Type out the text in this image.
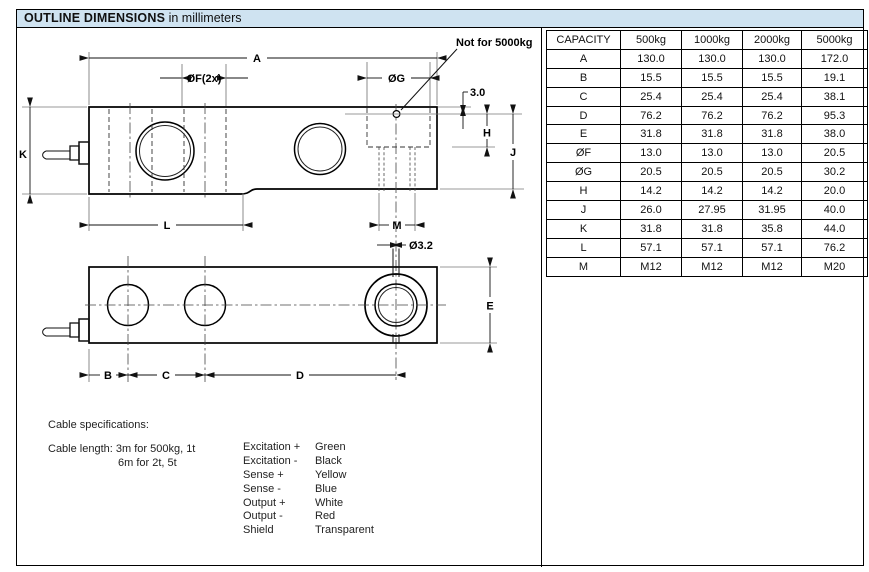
OUTLINE DIMENSIONS in millimeters
CAPACITY	500kg	1000kg	2000kg	5000kg
A	130.0	130.0	130.0	172.0
B	15.5	15.5	15.5	19.1
C	25.4	25.4	25.4	38.1
D	76.2	76.2	76.2	95.3
E	31.8	31.8	31.8	38.0
ØF	13.0	13.0	13.0	20.5
ØG	20.5	20.5	20.5	30.2
H	14.2	14.2	14.2	20.0
J	26.0	27.95	31.95	40.0
K	31.8	31.8	35.8	44.0
L	57.1	57.1	57.1	76.2
M	M12	M12	M12	M20
A
ØF(2x)	ØG
Not for 5000kg
3.0
H
J
K
L	M
Ø3.2
E
B	C	D
Cable specifications:
Cable length: 3m for 500kg, 1t
6m for 2t, 5t
Excitation + Green
Excitation - Black
Sense +	Yellow
Sense -	Blue
Output +	White
Output -	Red
Shield	Transparent
